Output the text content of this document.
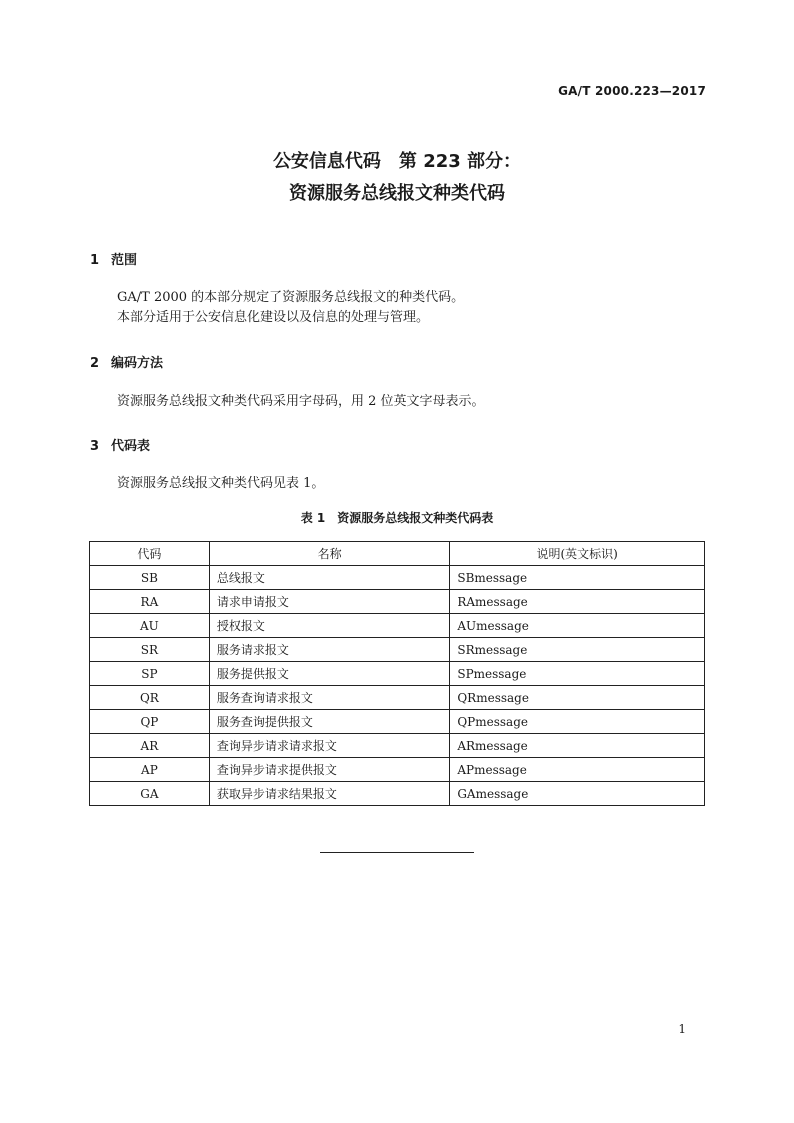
GA/T 2000.223—2017
公安信息代码　第 223 部分：
资源服务总线报文种类代码
1 范围
GA/T 2000 的本部分规定了资源服务总线报文的种类代码。
本部分适用于公安信息化建设以及信息的处理与管理。
2 编码方法
资源服务总线报文种类代码采用字母码，用 2 位英文字母表示。
3 代码表
资源服务总线报文种类代码见表 1。
表 1　资源服务总线报文种类代码表
代码	名称	说明(英文标识)
SB	总线报文	SBmessage
RA	请求申请报文	RAmessage
AU	授权报文	AUmessage
SR	服务请求报文	SRmessage
SP	服务提供报文	SPmessage
QR	服务查询请求报文	QRmessage
QP	服务查询提供报文	QPmessage
AR	查询异步请求请求报文	ARmessage
AP	查询异步请求提供报文	APmessage
GA	获取异步请求结果报文	GAmessage
1
